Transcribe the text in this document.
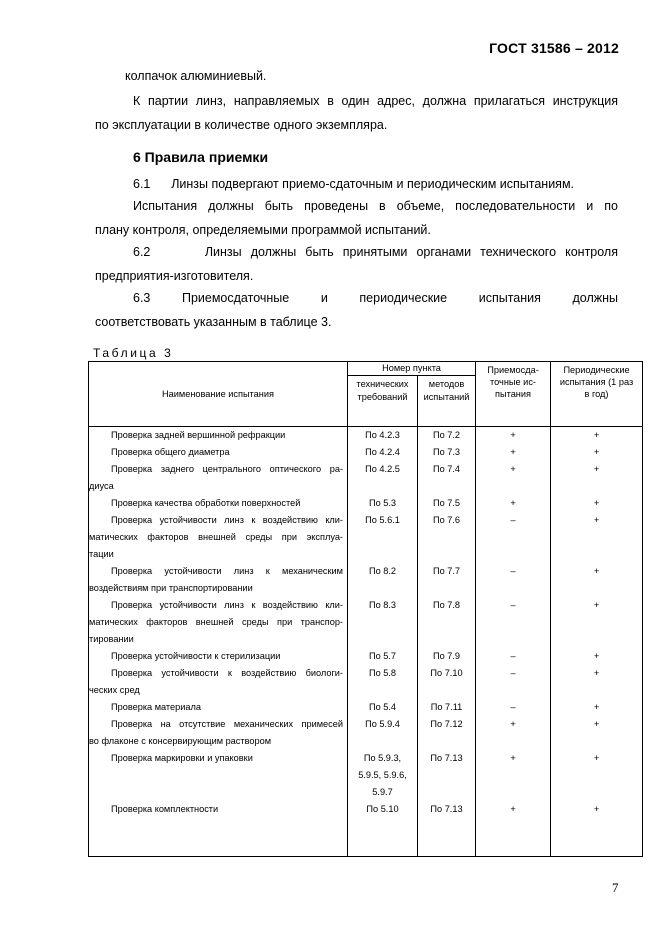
ГОСТ 31586 – 2012

колпачок алюминиевый.
К партии линз, направляемых в один адрес, должна прилагаться инструкция
по эксплуатации в количестве одного экземпляра.
6 Правила приемки
6.1      Линзы подвергают приемо-сдаточным и периодическим испытаниям.
Испытания должны быть проведены в объеме, последовательности и по
плану контроля, определяемыми программой испытаний.
6.2      Линзы должны быть принятыми органами технического контроля
предприятия-изготовителя.
6.3      Приемосдаточные      и      периодические      испытания      должны
соответствовать указанным в таблице 3.

Таблица 3

Наименование испытания	Номер пункта		Приемосда-
точные ис-
пытания	Периодические
испытания (1 раз
в год)

	технических
требований	методов
испытаний		

Проверка задней вершинной рефракции	По 4.2.3	По 7.2	+	+

Проверка общего диаметра	По 4.2.4	По 7.3	+	+

Проверка заднего центрального оптического ра-
диуса	По 4.2.5	По 7.4	+	+

Проверка качества обработки поверхностей	По 5.3	По 7.5	+	+

Проверка устойчивости линз к воздействию кли-
матических факторов внешней среды при эксплуа-
тации	По 5.6.1	По 7.6	–	+

Проверка устойчивости линз к механическим
воздействиям при транспортировании	По 8.2	По 7.7	–	+

Проверка устойчивости линз к воздействию кли-
матических факторов внешней среды при транспор-
тировании	По 8.3	По 7.8	–	+

Проверка устойчивости к стерилизации	По 5.7	По 7.9	–	+

Проверка устойчивости к воздействию биологи-
ческих сред	По 5.8	По 7.10	–	+

Проверка материала	По 5.4	По 7.11	–	+

Проверка на отсутствие механических примесей
во флаконе с консервирующим раствором	По 5.9.4	По 7.12	+	+

Проверка маркировки и упаковки	По 5.9.3,
5.9.5, 5.9.6,
5.9.7	По 7.13	+	+

Проверка комплектности	По 5.10	По 7.13	+	+

7
